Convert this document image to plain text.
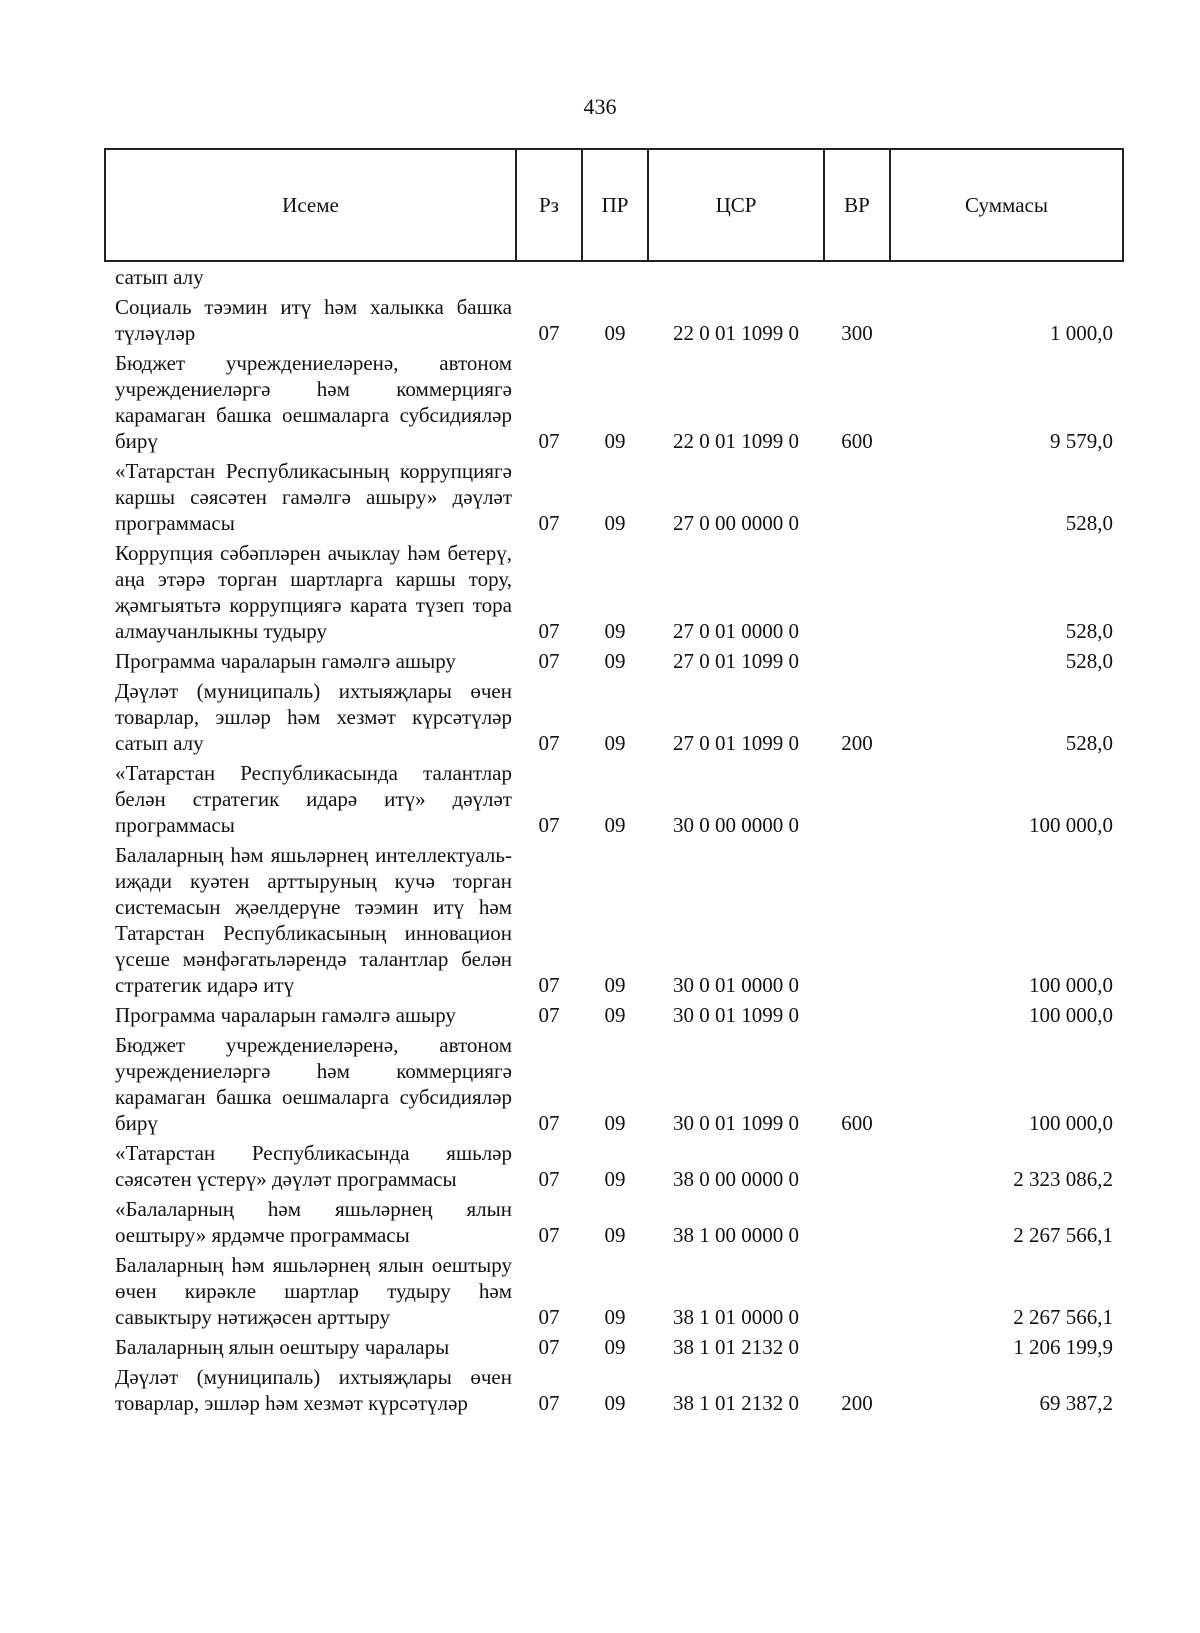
436
Исеме	Рз	ПР	ЦСР	ВР	Суммасы
сатып алу					
Социаль тәэмин итү һәм халыкка башка түләүләр	07	09	22 0 01 1099 0	300	1 000,0
Бюджет учреждениеләренә, автоном учреждениеләргә һәм коммерциягә карамаган башка оешмаларга субсидияләр бирү	07	09	22 0 01 1099 0	600	9 579,0
«Татарстан Республикасының коррупциягә каршы сәясәтен гамәлгә ашыру» дәүләт программасы	07	09	27 0 00 0000 0		528,0
Коррупция сәбәпләрен ачыклау һәм бетерү, аңа этәрә торган шартларга каршы тору, җәмгыятьтә коррупциягә карата түзеп тора алмаучанлыкны тудыру	07	09	27 0 01 0000 0		528,0
Программа чараларын гамәлгә ашыру	07	09	27 0 01 1099 0		528,0
Дәүләт (муниципаль) ихтыяҗлары өчен товарлар, эшләр һәм хезмәт күрсәтүләр сатып алу	07	09	27 0 01 1099 0	200	528,0
«Татарстан Республикасында талантлар белән стратегик идарә итү» дәүләт программасы	07	09	30 0 00 0000 0		100 000,0
Балаларның һәм яшьләрнең интеллектуаль-иҗади куәтен арттыруның кучә торган системасын җәелдерүне тәэмин итү һәм Татарстан Республикасының инновацион үсеше мәнфәгатьләрендә талантлар белән стратегик идарә итү	07	09	30 0 01 0000 0		100 000,0
Программа чараларын гамәлгә ашыру	07	09	30 0 01 1099 0		100 000,0
Бюджет учреждениеләренә, автоном учреждениеләргә һәм коммерциягә карамаган башка оешмаларга субсидияләр бирү	07	09	30 0 01 1099 0	600	100 000,0
«Татарстан Республикасында яшьләр сәясәтен үстерү» дәүләт программасы	07	09	38 0 00 0000 0		2 323 086,2
«Балаларның һәм яшьләрнең ялын оештыру» ярдәмче программасы	07	09	38 1 00 0000 0		2 267 566,1
Балаларның һәм яшьләрнең ялын оештыру өчен кирәкле шартлар тудыру һәм савыктыру нәтиҗәсен арттыру	07	09	38 1 01 0000 0		2 267 566,1
Балаларның ялын оештыру чаралары	07	09	38 1 01 2132 0		1 206 199,9
Дәүләт (муниципаль) ихтыяҗлары өчен товарлар, эшләр һәм хезмәт күрсәтүләр	07	09	38 1 01 2132 0	200	69 387,2
